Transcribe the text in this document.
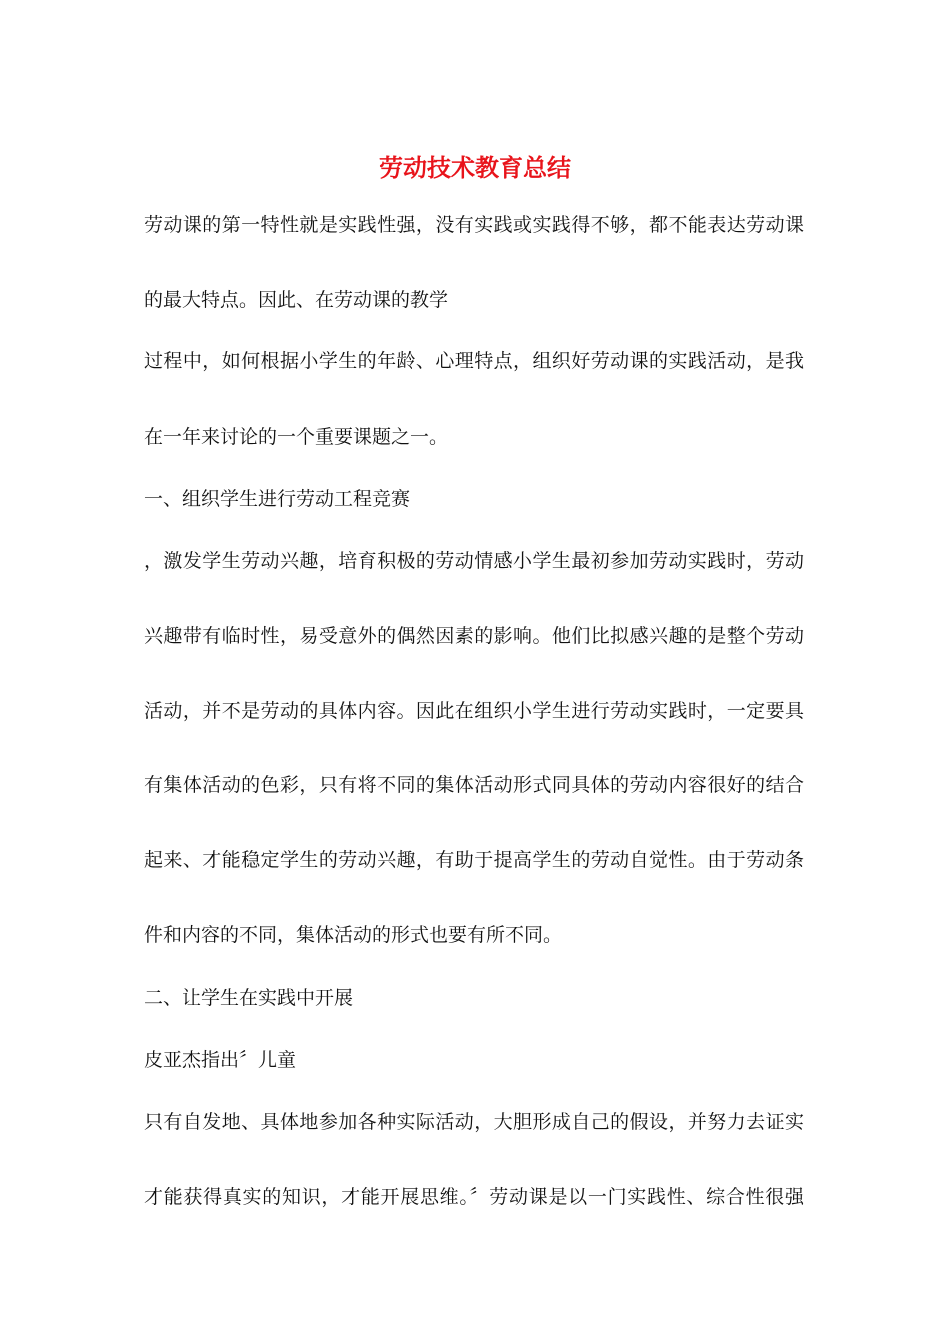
劳动技术教育总结
劳动课的第一特性就是实践性强，没有实践或实践得不够，都不能表达劳动课
的最大特点。因此、在劳动课的教学
过程中，如何根据小学生的年龄、心理特点，组织好劳动课的实践活动，是我
在一年来讨论的一个重要课题之一。
一、组织学生进行劳动工程竞赛
，激发学生劳动兴趣，培育积极的劳动情感小学生最初参加劳动实践时，劳动
兴趣带有临时性，易受意外的偶然因素的影响。他们比拟感兴趣的是整个劳动
活动，并不是劳动的具体内容。因此在组织小学生进行劳动实践时，一定要具
有集体活动的色彩，只有将不同的集体活动形式同具体的劳动内容很好的结合
起来、才能稳定学生的劳动兴趣，有助于提高学生的劳动自觉性。由于劳动条
件和内容的不同，集体活动的形式也要有所不同。
二、让学生在实践中开展
皮亚杰指出〞儿童
只有自发地、具体地参加各种实际活动，大胆形成自己的假设，并努力去证实
才能获得真实的知识，才能开展思维。〞劳动课是以一门实践性、综合性很强
